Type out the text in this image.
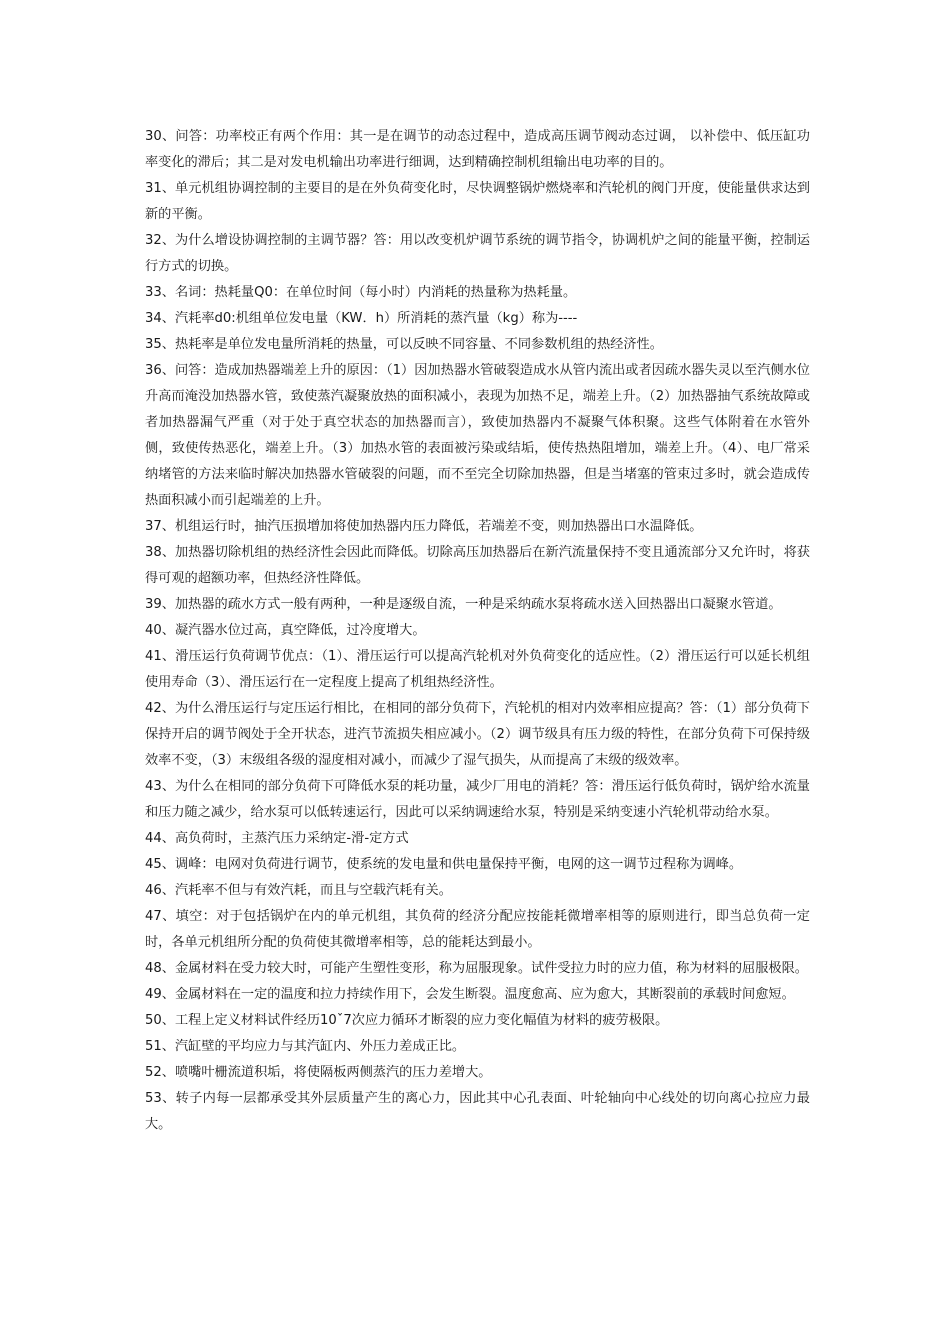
30、问答：功率校正有两个作用：其一是在调节的动态过程中，造成高压调节阀动态过调， 以补偿中、低压缸功率变化的滞后；其二是对发电机输出功率进行细调，达到精确控制机组输出电功率的目的。

31、单元机组协调控制的主要目的是在外负荷变化时，尽快调整锅炉燃烧率和汽轮机的阀门开度，使能量供求达到新的平衡。

32、为什么增设协调控制的主调节器？答：用以改变机炉调节系统的调节指令，协调机炉之间的能量平衡，控制运行方式的切换。

33、名词：热耗量Q0：在单位时间（每小时）内消耗的热量称为热耗量。

34、汽耗率d0:机组单位发电量（KW．h）所消耗的蒸汽量（kg）称为----

35、热耗率是单位发电量所消耗的热量，可以反映不同容量、不同参数机组的热经济性。

36、问答：造成加热器端差上升的原因：（1）因加热器水管破裂造成水从管内流出或者因疏水器失灵以至汽侧水位升高而淹没加热器水管，致使蒸汽凝聚放热的面积减小，表现为加热不足，端差上升。（2）加热器抽气系统故障或者加热器漏气严重（对于处于真空状态的加热器而言），致使加热器内不凝聚气体积聚。这些气体附着在水管外侧，致使传热恶化，端差上升。（3）加热水管的表面被污染或结垢，使传热热阻增加，端差上升。（4）、电厂常采纳堵管的方法来临时解决加热器水管破裂的问题，而不至完全切除加热器，但是当堵塞的管束过多时，就会造成传热面积减小而引起端差的上升。

37、机组运行时，抽汽压损增加将使加热器内压力降低，若端差不变，则加热器出口水温降低。

38、加热器切除机组的热经济性会因此而降低。切除高压加热器后在新汽流量保持不变且通流部分又允许时，将获得可观的超额功率，但热经济性降低。

39、加热器的疏水方式一般有两种，一种是逐级自流，一种是采纳疏水泵将疏水送入回热器出口凝聚水管道。

40、凝汽器水位过高，真空降低，过冷度增大。

41、滑压运行负荷调节优点：（1）、滑压运行可以提高汽轮机对外负荷变化的适应性。（2）滑压运行可以延长机组使用寿命（3）、滑压运行在一定程度上提高了机组热经济性。

42、为什么滑压运行与定压运行相比，在相同的部分负荷下，汽轮机的相对内效率相应提高？答：（1）部分负荷下保持开启的调节阀处于全开状态，进汽节流损失相应减小。（2）调节级具有压力级的特性，在部分负荷下可保持级效率不变，（3）末级组各级的湿度相对减小，而减少了湿气损失，从而提高了末级的级效率。

43、为什么在相同的部分负荷下可降低水泵的耗功量，减少厂用电的消耗？答：滑压运行低负荷时，锅炉给水流量和压力随之减少，给水泵可以低转速运行，因此可以采纳调速给水泵，特别是采纳变速小汽轮机带动给水泵。

44、高负荷时，主蒸汽压力采纳定-滑-定方式

45、调峰：电网对负荷进行调节，使系统的发电量和供电量保持平衡，电网的这一调节过程称为调峰。

46、汽耗率不但与有效汽耗，而且与空载汽耗有关。

47、填空：对于包括锅炉在内的单元机组，其负荷的经济分配应按能耗微增率相等的原则进行，即当总负荷一定时，各单元机组所分配的负荷使其微增率相等，总的能耗达到最小。

48、金属材料在受力较大时，可能产生塑性变形，称为屈服现象。试件受拉力时的应力值，称为材料的屈服极限。

49、金属材料在一定的温度和拉力持续作用下，会发生断裂。温度愈高、应为愈大，其断裂前的承载时间愈短。

50、工程上定义材料试件经历10ˇ7次应力循环才断裂的应力变化幅值为材料的疲劳极限。

51、汽缸壁的平均应力与其汽缸内、外压力差成正比。

52、喷嘴叶栅流道积垢，将使隔板两侧蒸汽的压力差增大。

53、转子内每一层都承受其外层质量产生的离心力，因此其中心孔表面、叶轮轴向中心线处的切向离心拉应力最大。
